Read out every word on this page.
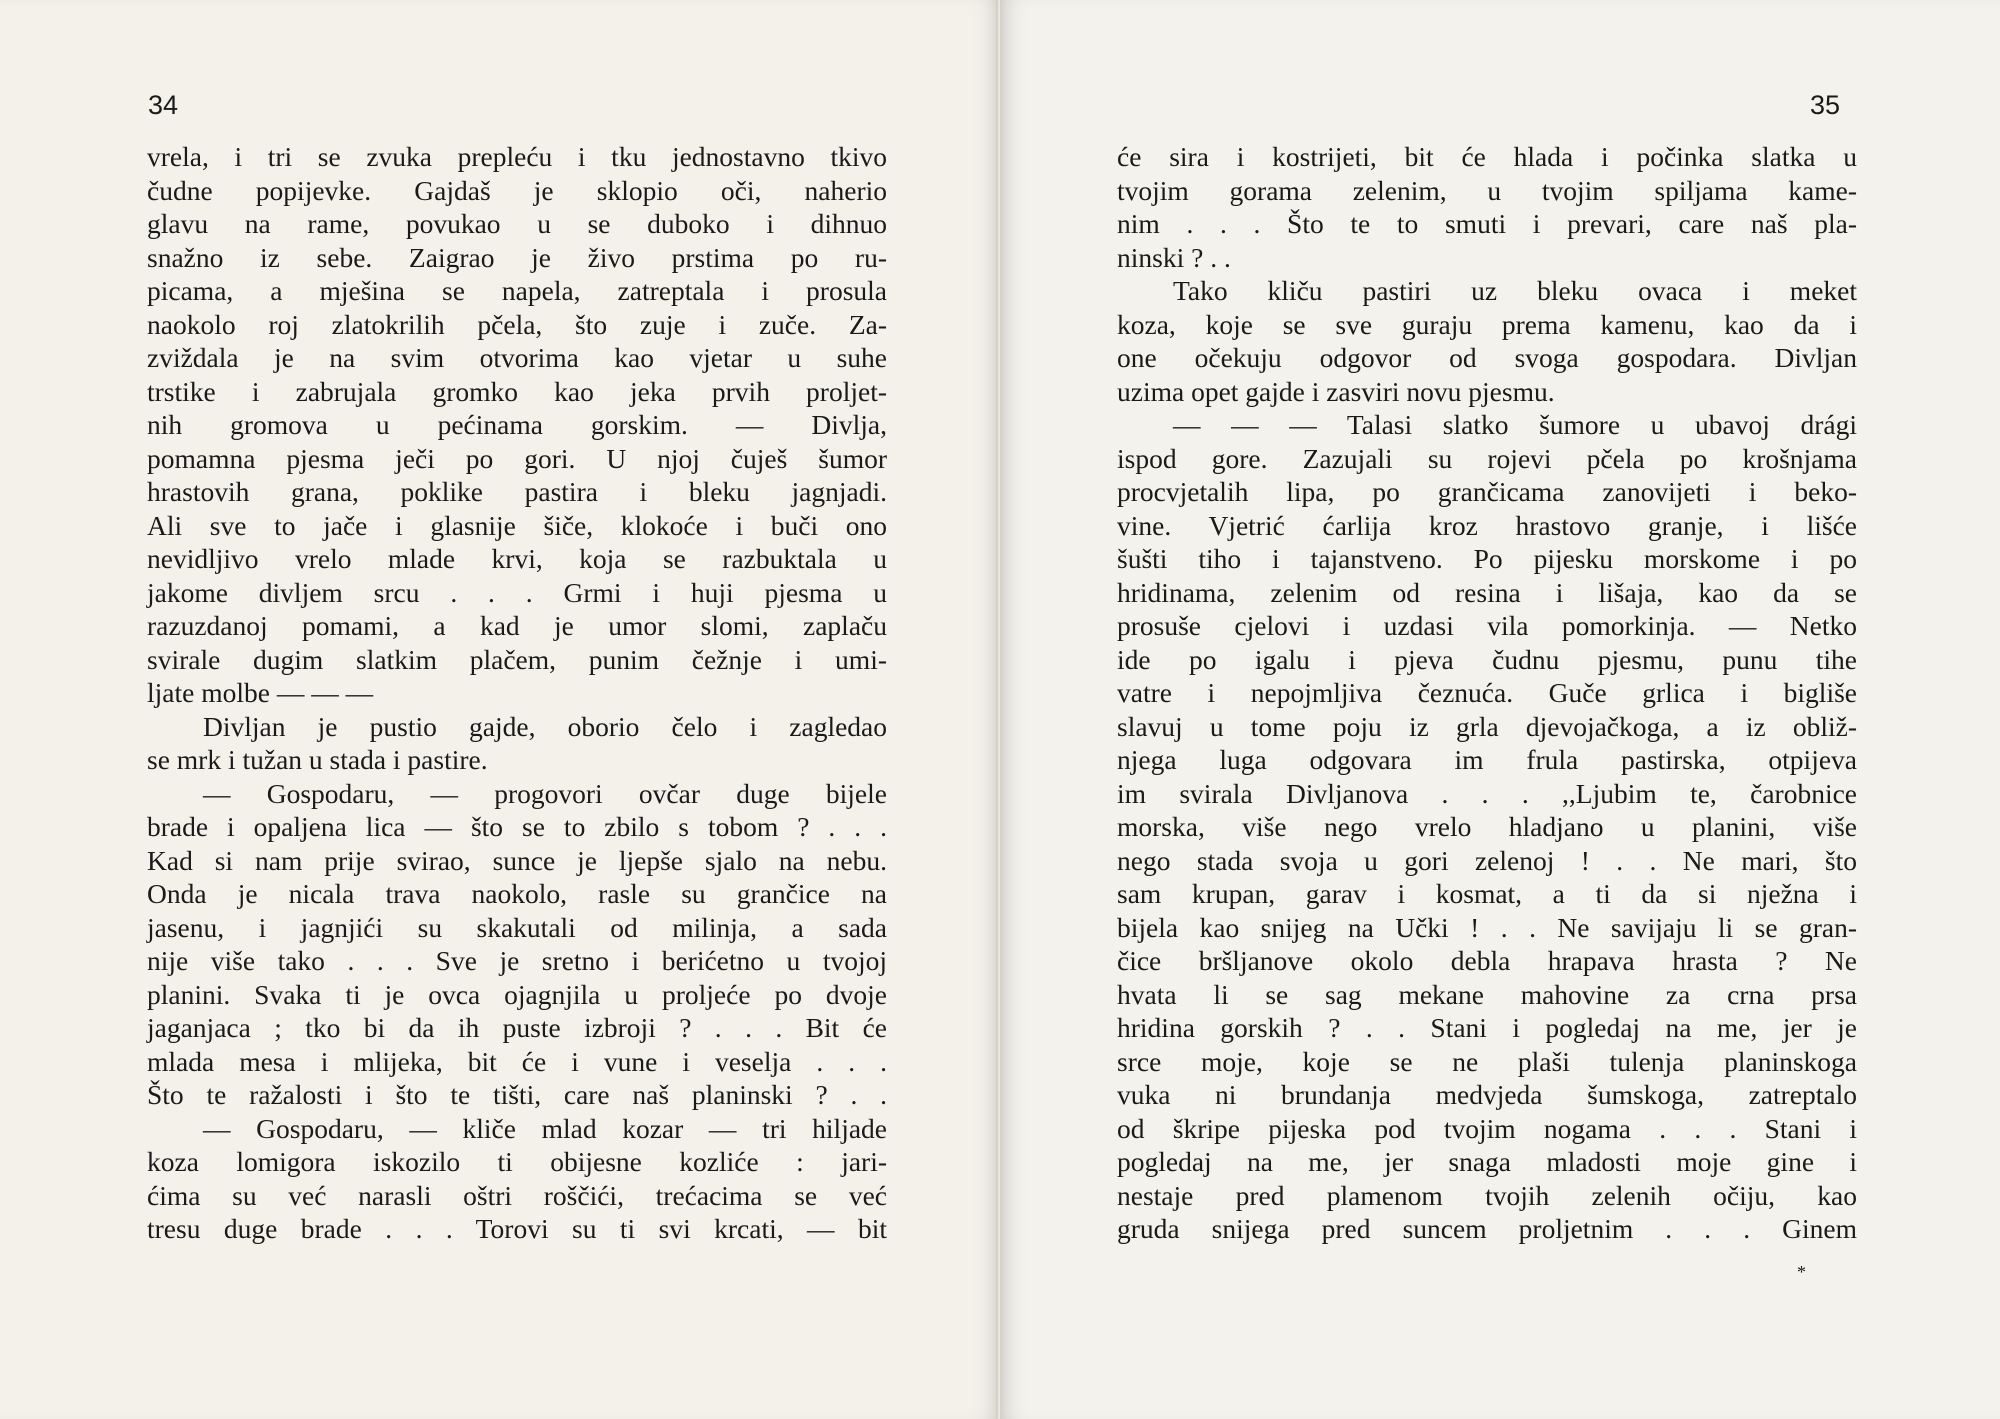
34
vrela, i tri se zvuka prepleću i tku jednostavno tkivo
čudne popijevke. Gajdaš je sklopio oči, naherio
glavu na rame, povukao u se duboko i dihnuo
snažno iz sebe. Zaigrao je živo prstima po ru-
picama, a mješina se napela, zatreptala i prosula
naokolo roj zlatokrilih pčela, što zuje i zuče. Za-
zviždala je na svim otvorima kao vjetar u suhe
trstike i zabrujala gromko kao jeka prvih proljet-
nih gromova u pećinama gorskim. — Divlja,
pomamna pjesma ječi po gori. U njoj čuješ šumor
hrastovih grana, poklike pastira i bleku jagnjadi.
Ali sve to jače i glasnije šiče, klokoće i buči ono
nevidljivo vrelo mlade krvi, koja se razbuktala u
jakome divljem srcu . . . Grmi i huji pjesma u
razuzdanoj pomami, a kad je umor slomi, zaplaču
svirale dugim slatkim plačem, punim čežnje i umi-
ljate molbe — — —
Divljan je pustio gajde, oborio čelo i zagledao
se mrk i tužan u stada i pastire.
— Gospodaru, — progovori ovčar duge bijele
brade i opaljena lica — što se to zbilo s tobom ? . . .
Kad si nam prije svirao, sunce je ljepše sjalo na nebu.
Onda je nicala trava naokolo, rasle su grančice na
jasenu, i jagnjići su skakutali od milinja, a sada
nije više tako . . . Sve je sretno i berićetno u tvojoj
planini. Svaka ti je ovca ojagnjila u proljeće po dvoje
jaganjaca ; tko bi da ih puste izbroji ? . . . Bit će
mlada mesa i mlijeka, bit će i vune i veselja . . .
Što te ražalosti i što te tišti, care naš planinski ? . .
— Gospodaru, — kliče mlad kozar — tri hiljade
koza lomigora iskozilo ti obijesne kozliće : jari-
ćima su već narasli oštri roščići, trećacima se već
tresu duge brade . . . Torovi su ti svi krcati, — bit
35
će sira i kostrijeti, bit će hlada i počinka slatka u
tvojim gorama zelenim, u tvojim spiljama kame-
nim . . . Što te to smuti i prevari, care naš pla-
ninski ? . .
Tako kliču pastiri uz bleku ovaca i meket
koza, koje se sve guraju prema kamenu, kao da i
one očekuju odgovor od svoga gospodara. Divljan
uzima opet gajde i zasviri novu pjesmu.
— — — Talasi slatko šumore u ubavoj drági
ispod gore. Zazujali su rojevi pčela po krošnjama
procvjetalih lipa, po grančicama zanovijeti i beko-
vine. Vjetrić ćarlija kroz hrastovo granje, i lišće
šušti tiho i tajanstveno. Po pijesku morskome i po
hridinama, zelenim od resina i lišaja, kao da se
prosuše cjelovi i uzdasi vila pomorkinja. — Netko
ide po igalu i pjeva čudnu pjesmu, punu tihe
vatre i nepojmljiva čeznuća. Guče grlica i bigliše
slavuj u tome poju iz grla djevojačkoga, a iz obliž-
njega luga odgovara im frula pastirska, otpijeva
im svirala Divljanova . . . ,,Ljubim te, čarobnice
morska, više nego vrelo hladjano u planini, više
nego stada svoja u gori zelenoj ! . . Ne mari, što
sam krupan, garav i kosmat, a ti da si nježna i
bijela kao snijeg na Učki ! . . Ne savijaju li se gran-
čice bršljanove okolo debla hrapava hrasta ? Ne
hvata li se sag mekane mahovine za crna prsa
hridina gorskih ? . . Stani i pogledaj na me, jer je
srce moje, koje se ne plaši tulenja planinskoga
vuka ni brundanja medvjeda šumskoga, zatreptalo
od škripe pijeska pod tvojim nogama . . . Stani i
pogledaj na me, jer snaga mladosti moje gine i
nestaje pred plamenom tvojih zelenih očiju, kao
gruda snijega pred suncem proljetnim . . . Ginem
*
